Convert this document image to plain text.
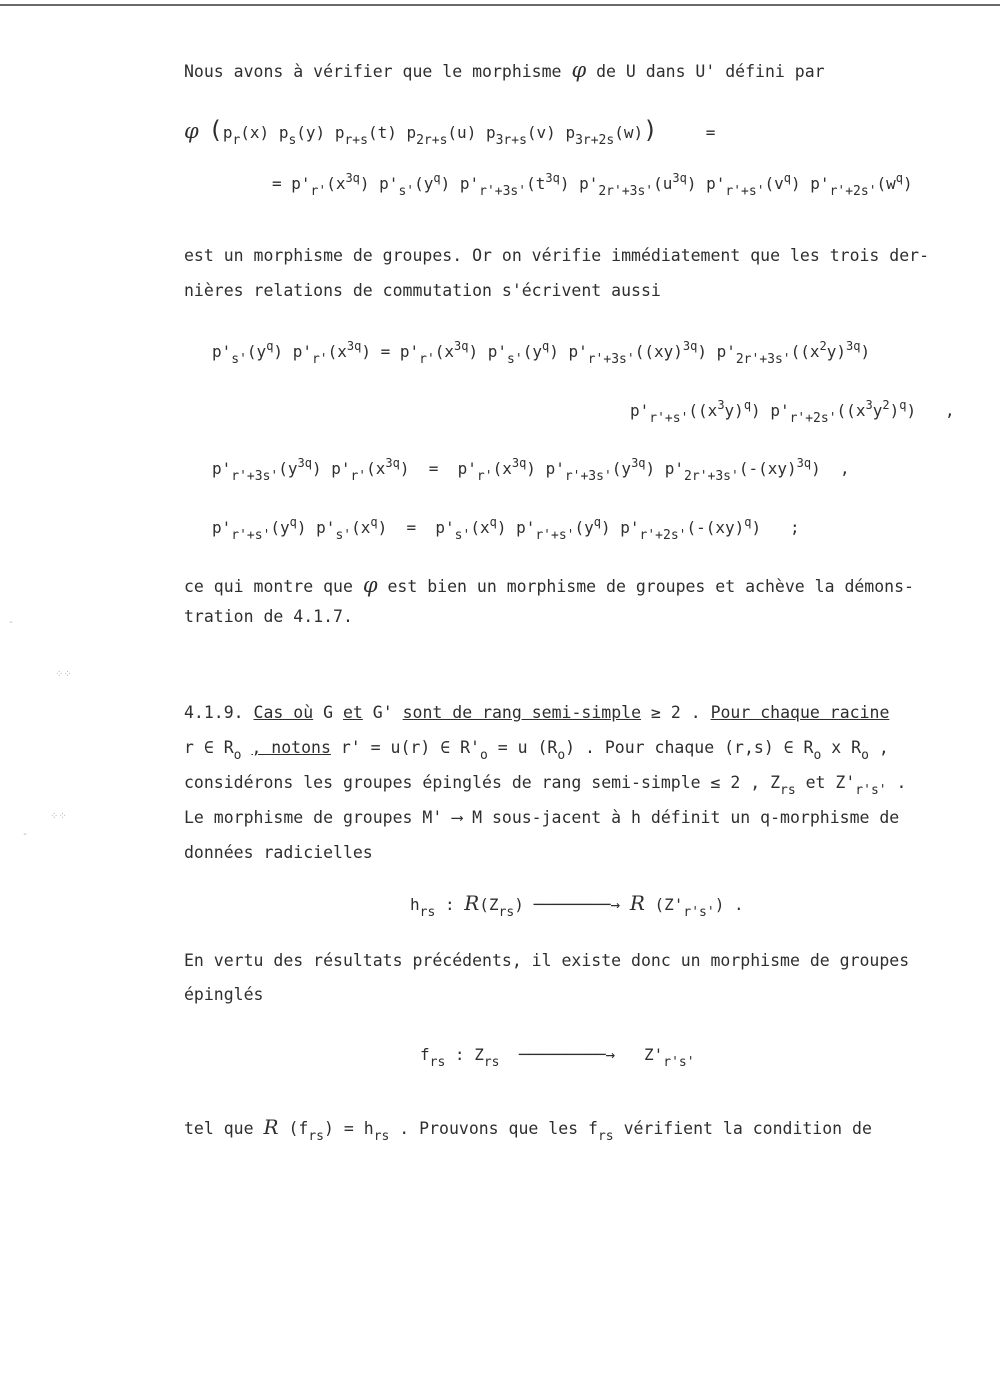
Nous avons à vérifier que le morphisme φ de U dans U' défini par
φ ($p_r(x)$ $p_s(y)$ $p_{r+s}(t)$ $p_{2r+s}(u)$ $p_{3r+s}(v)$ $p_{3r+2s}(w)$)     =
= $p'_{r'}(x^{3q})$ $p'_{s'}(y^q)$ $p'_{r'+3s'}(t^{3q})$ $p'_{2r'+3s'}(u^{3q})$ $p'_{r'+s'}(v^q)$ $p'_{r'+2s'}(w^q)$
est un morphisme de groupes. Or on vérifie immédiatement que les trois der-
nières relations de commutation s'écrivent aussi
$p'_{s'}(y^q) p'_{r'}(x^{3q}) = p'_{r'}(x^{3q})$ $p'_{s'}(y^q)$ $p'_{r'+3s'}((xy)^{3q})$ $p'_{2r'+3s'}((x^2y)^{3q})$
$p'_{r'+s'}((x^3y)^q)$ $p'_{r'+2s'}((x^3y^2)^q)$   ,
$p'_{r'+3s'}(y^{3q}) p'_{r'}(x^{3q}) = p'_{r'}(x^{3q})$ $p'_{r'+3s'}(y^{3q})$ $p'_{2r'+3s'}(-(xy)^{3q})$  ,
$p'_{r'+s'}(y^q) p'_{s'}(x^q) = p'_{s'}(x^q)$ $p'_{r'+s'}(y^q)$ $p'_{r'+2s'}(-(xy)^q)$   ;
ce qui montre que φ est bien un morphisme de groupes et achève la démons-
tration de 4.1.7.
4.1.9. Cas où G et G' sont de rang semi-simple ≥ 2 . Pour chaque racine
r ∈ $R_o$ , notons r' = u(r) ∈ $R'_o = u$ $(R_o)$ . Pour chaque (r,s) ∈ $R_o$ x $R_o$ ,
considérons les groupes épinglés de rang semi-simple ≤ 2 , $Z_{rs}$ et $Z'_{r's'}$ .
Le morphisme de groupes M' ⟶ M sous-jacent à h définit un q-morphisme de
données radicielles
$h_{rs}$ : $R(Z_{rs})$ ────────→ R $(Z'_{r's'})$ .
En vertu des résultats précédents, il existe donc un morphisme de groupes
épinglés
$f_{rs}$ : $Z_{rs}$  ─────────→   $Z'_{r's'}$
tel que R $(f_{rs}) = h_{rs}$ . Prouvons que les $f_{rs}$ vérifient la condition de
-
⁘⁘
⁘⁘
-
